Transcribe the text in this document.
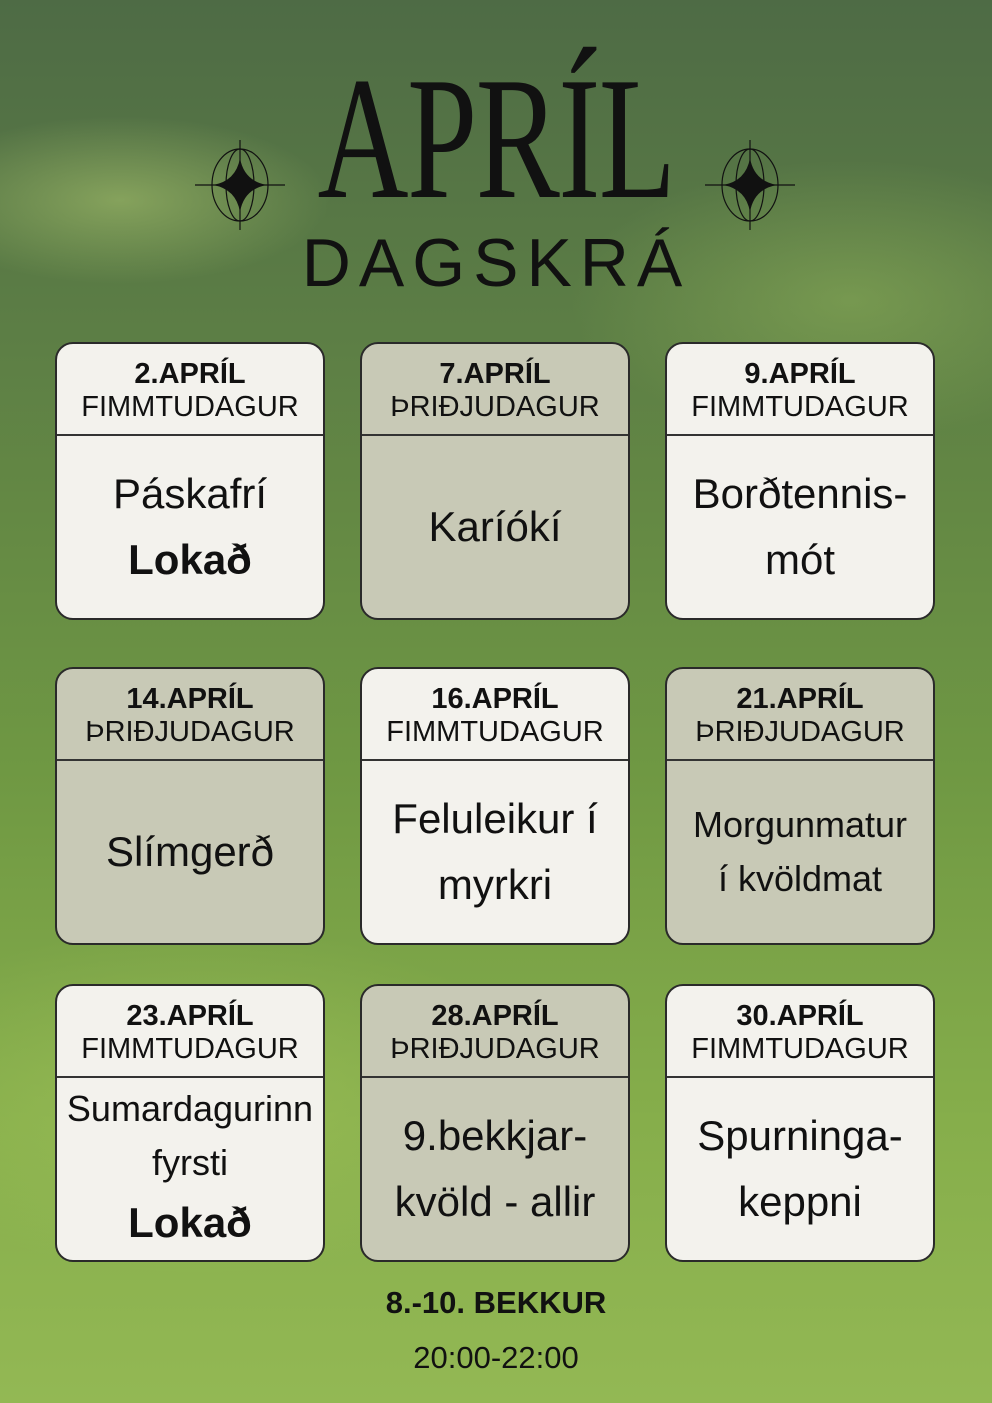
APRÍL
DAGSKRÁ
2.APRÍL
FIMMTUDAGUR
Páskafrí
Lokað
7.APRÍL
ÞRIÐJUDAGUR
Karíókí
9.APRÍL
FIMMTUDAGUR
Borðtennis-
mót
14.APRÍL
ÞRIÐJUDAGUR
Slímgerð
16.APRÍL
FIMMTUDAGUR
Feluleikur í
myrkri
21.APRÍL
ÞRIÐJUDAGUR
Morgunmatur
í kvöldmat
23.APRÍL
FIMMTUDAGUR
Sumardagurinn
fyrsti
Lokað
28.APRÍL
ÞRIÐJUDAGUR
9.bekkjar-
kvöld - allir
30.APRÍL
FIMMTUDAGUR
Spurninga-
keppni
8.-10. BEKKUR
20:00-22:00
